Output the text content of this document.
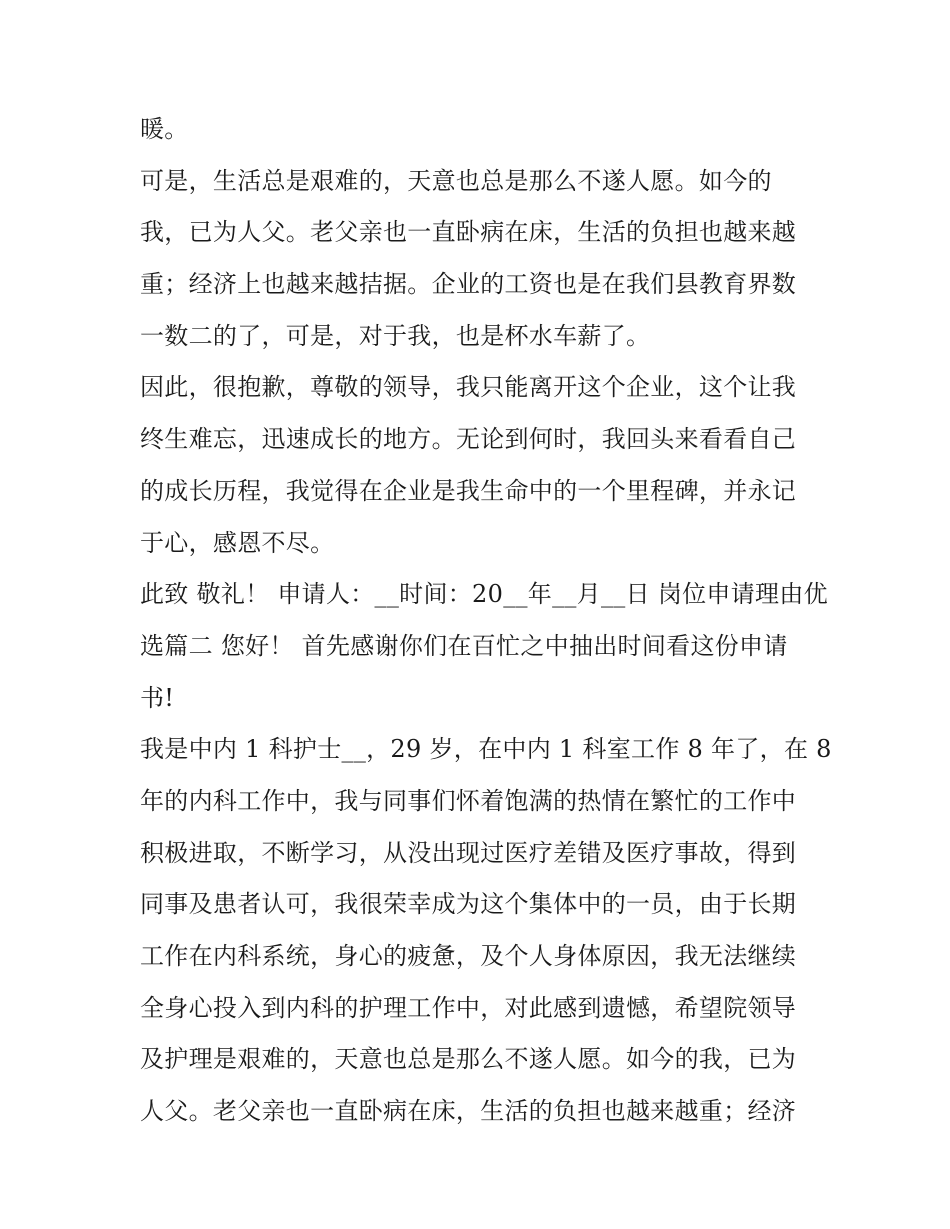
暖。
可是，生活总是艰难的，天意也总是那么不遂人愿。如今的
我，已为人父。老父亲也一直卧病在床，生活的负担也越来越
重；经济上也越来越拮据。企业的工资也是在我们县教育界数
一数二的了，可是，对于我，也是杯水车薪了。
因此，很抱歉，尊敬的领导，我只能离开这个企业，这个让我
终生难忘，迅速成长的地方。无论到何时，我回头来看看自己
的成长历程，我觉得在企业是我生命中的一个里程碑，并永记
于心，感恩不尽。
此致 敬礼！ 申请人：__时间：20__年__月__日 岗位申请理由优
选篇二 您好！ 首先感谢你们在百忙之中抽出时间看这份申请
书!
我是中内 1 科护士__，29 岁，在中内 1 科室工作 8 年了，在 8
年的内科工作中，我与同事们怀着饱满的热情在繁忙的工作中
积极进取，不断学习，从没出现过医疗差错及医疗事故，得到
同事及患者认可，我很荣幸成为这个集体中的一员，由于长期
工作在内科系统，身心的疲惫，及个人身体原因，我无法继续
全身心投入到内科的护理工作中，对此感到遗憾，希望院领导
及护理是艰难的，天意也总是那么不遂人愿。如今的我，已为
人父。老父亲也一直卧病在床，生活的负担也越来越重；经济
